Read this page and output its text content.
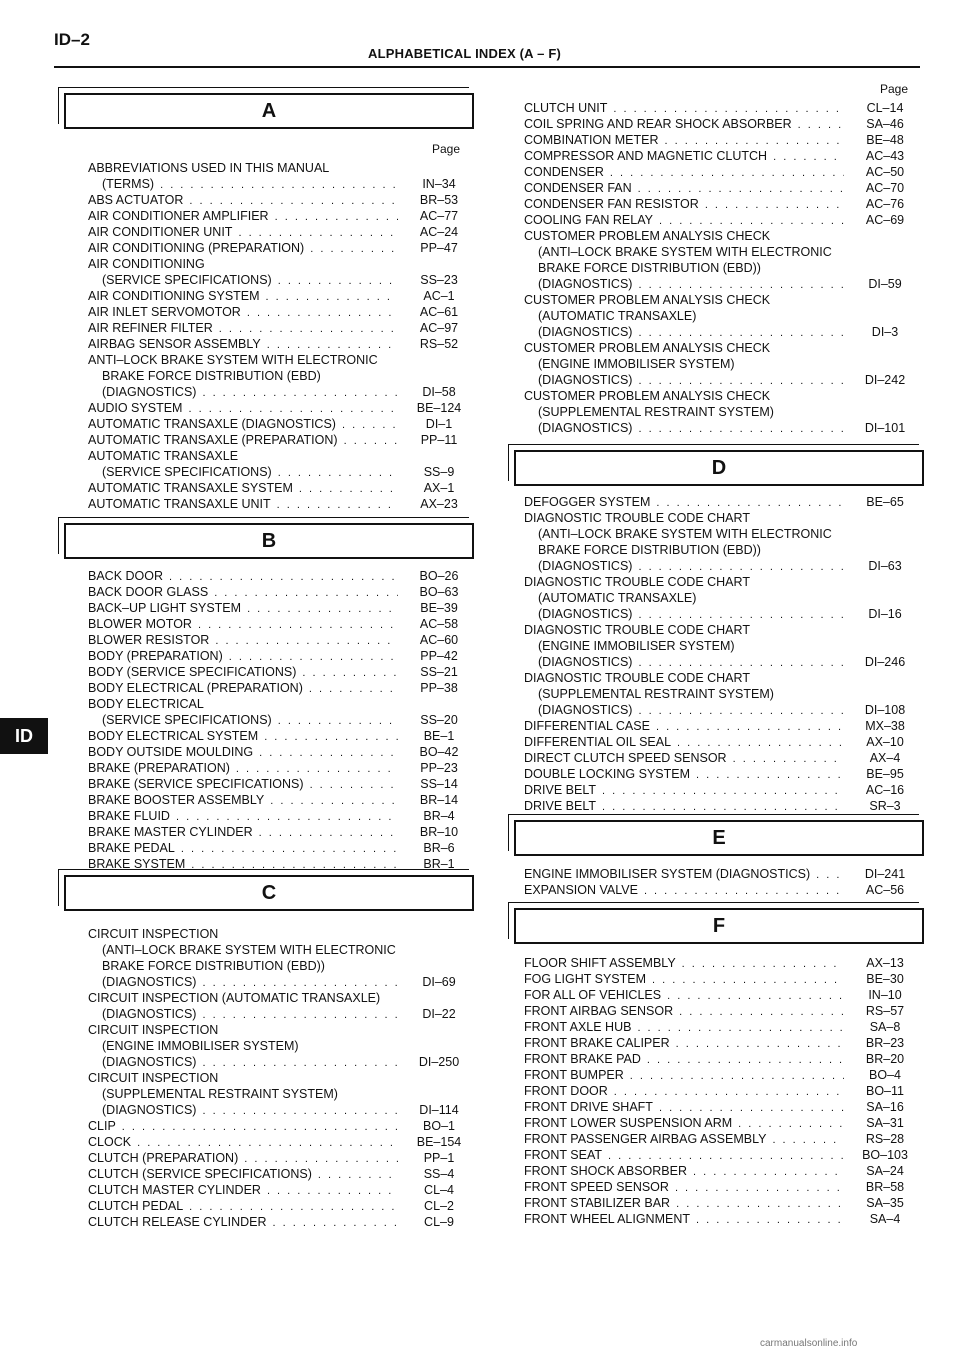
ID–2
ALPHABETICAL INDEX (A – F)
ID
A
Page
ABBREVIATIONS USED IN THIS MANUAL
(TERMS) . . .	IN–34
ABS ACTUATOR . . .	BR–53
AIR CONDITIONER AMPLIFIER . . .	AC–77
AIR CONDITIONER UNIT . . .	AC–24
AIR CONDITIONING (PREPARATION) . . .	PP–47
AIR CONDITIONING
(SERVICE SPECIFICATIONS) . . .	SS–23
AIR CONDITIONING SYSTEM . . .	AC–1
AIR INLET SERVOMOTOR . . .	AC–61
AIR REFINER FILTER . . .	AC–97
AIRBAG SENSOR ASSEMBLY . . .	RS–52
ANTI–LOCK BRAKE SYSTEM WITH ELECTRONIC
BRAKE FORCE DISTRIBUTION (EBD)
(DIAGNOSTICS) . . .	DI–58
AUDIO SYSTEM . . .	BE–124
AUTOMATIC TRANSAXLE (DIAGNOSTICS) . . .	DI–1
AUTOMATIC TRANSAXLE (PREPARATION) . . .	PP–11
AUTOMATIC TRANSAXLE
(SERVICE SPECIFICATIONS) . . .	SS–9
AUTOMATIC TRANSAXLE SYSTEM . . .	AX–1
AUTOMATIC TRANSAXLE UNIT . . .	AX–23
B
BACK DOOR . . .	BO–26
BACK DOOR GLASS . . .	BO–63
BACK–UP LIGHT SYSTEM . . .	BE–39
BLOWER MOTOR . . .	AC–58
BLOWER RESISTOR . . .	AC–60
BODY (PREPARATION) . . .	PP–42
BODY (SERVICE SPECIFICATIONS) . . .	SS–21
BODY ELECTRICAL (PREPARATION) . . .	PP–38
BODY ELECTRICAL
(SERVICE SPECIFICATIONS) . . .	SS–20
BODY ELECTRICAL SYSTEM . . .	BE–1
BODY OUTSIDE MOULDING . . .	BO–42
BRAKE (PREPARATION) . . .	PP–23
BRAKE (SERVICE SPECIFICATIONS) . . .	SS–14
BRAKE BOOSTER ASSEMBLY . . .	BR–14
BRAKE FLUID . . .	BR–4
BRAKE MASTER CYLINDER . . .	BR–10
BRAKE PEDAL . . .	BR–6
BRAKE SYSTEM . . .	BR–1
C
CIRCUIT INSPECTION
(ANTI–LOCK BRAKE SYSTEM WITH ELECTRONIC
BRAKE FORCE DISTRIBUTION (EBD))
(DIAGNOSTICS) . . .	DI–69
CIRCUIT INSPECTION (AUTOMATIC TRANSAXLE)
(DIAGNOSTICS) . . .	DI–22
CIRCUIT INSPECTION
(ENGINE IMMOBILISER SYSTEM)
(DIAGNOSTICS) . . .	DI–250
CIRCUIT INSPECTION
(SUPPLEMENTAL RESTRAINT SYSTEM)
(DIAGNOSTICS) . . .	DI–114
CLIP . . .	BO–1
CLOCK . . .	BE–154
CLUTCH (PREPARATION) . . .	PP–1
CLUTCH (SERVICE SPECIFICATIONS) . . .	SS–4
CLUTCH MASTER CYLINDER . . .	CL–4
CLUTCH PEDAL . . .	CL–2
CLUTCH RELEASE CYLINDER . . .	CL–9
Page
CLUTCH UNIT . . .	CL–14
COIL SPRING AND REAR SHOCK ABSORBER . . .	SA–46
COMBINATION METER . . .	BE–48
COMPRESSOR AND MAGNETIC CLUTCH . . .	AC–43
CONDENSER . . .	AC–50
CONDENSER FAN . . .	AC–70
CONDENSER FAN RESISTOR . . .	AC–76
COOLING FAN RELAY . . .	AC–69
CUSTOMER PROBLEM ANALYSIS CHECK
(ANTI–LOCK BRAKE SYSTEM WITH ELECTRONIC
BRAKE FORCE DISTRIBUTION (EBD))
(DIAGNOSTICS) . . .	DI–59
CUSTOMER PROBLEM ANALYSIS CHECK
(AUTOMATIC TRANSAXLE)
(DIAGNOSTICS) . . .	DI–3
CUSTOMER PROBLEM ANALYSIS CHECK
(ENGINE IMMOBILISER SYSTEM)
(DIAGNOSTICS) . . .	DI–242
CUSTOMER PROBLEM ANALYSIS CHECK
(SUPPLEMENTAL RESTRAINT SYSTEM)
(DIAGNOSTICS) . . .	DI–101
D
DEFOGGER SYSTEM . . .	BE–65
DIAGNOSTIC TROUBLE CODE CHART
(ANTI–LOCK BRAKE SYSTEM WITH ELECTRONIC
BRAKE FORCE DISTRIBUTION (EBD))
(DIAGNOSTICS) . . .	DI–63
DIAGNOSTIC TROUBLE CODE CHART
(AUTOMATIC TRANSAXLE)
(DIAGNOSTICS) . . .	DI–16
DIAGNOSTIC TROUBLE CODE CHART
(ENGINE IMMOBILISER SYSTEM)
(DIAGNOSTICS) . . .	DI–246
DIAGNOSTIC TROUBLE CODE CHART
(SUPPLEMENTAL RESTRAINT SYSTEM)
(DIAGNOSTICS) . . .	DI–108
DIFFERENTIAL CASE . . .	MX–38
DIFFERENTIAL OIL SEAL . . .	AX–10
DIRECT CLUTCH SPEED SENSOR . . .	AX–4
DOUBLE LOCKING SYSTEM . . .	BE–95
DRIVE BELT . . .	AC–16
DRIVE BELT . . .	SR–3
E
ENGINE IMMOBILISER SYSTEM (DIAGNOSTICS) . . .	DI–241
EXPANSION VALVE . . .	AC–56
F
FLOOR SHIFT ASSEMBLY . . .	AX–13
FOG LIGHT SYSTEM . . .	BE–30
FOR ALL OF VEHICLES . . .	IN–10
FRONT AIRBAG SENSOR . . .	RS–57
FRONT AXLE HUB . . .	SA–8
FRONT BRAKE CALIPER . . .	BR–23
FRONT BRAKE PAD . . .	BR–20
FRONT BUMPER . . .	BO–4
FRONT DOOR . . .	BO–11
FRONT DRIVE SHAFT . . .	SA–16
FRONT LOWER SUSPENSION ARM . . .	SA–31
FRONT PASSENGER AIRBAG ASSEMBLY . . .	RS–28
FRONT SEAT . . .	BO–103
FRONT SHOCK ABSORBER . . .	SA–24
FRONT SPEED SENSOR . . .	BR–58
FRONT STABILIZER BAR . . .	SA–35
FRONT WHEEL ALIGNMENT . . .	SA–4
carmanualsonline.info
